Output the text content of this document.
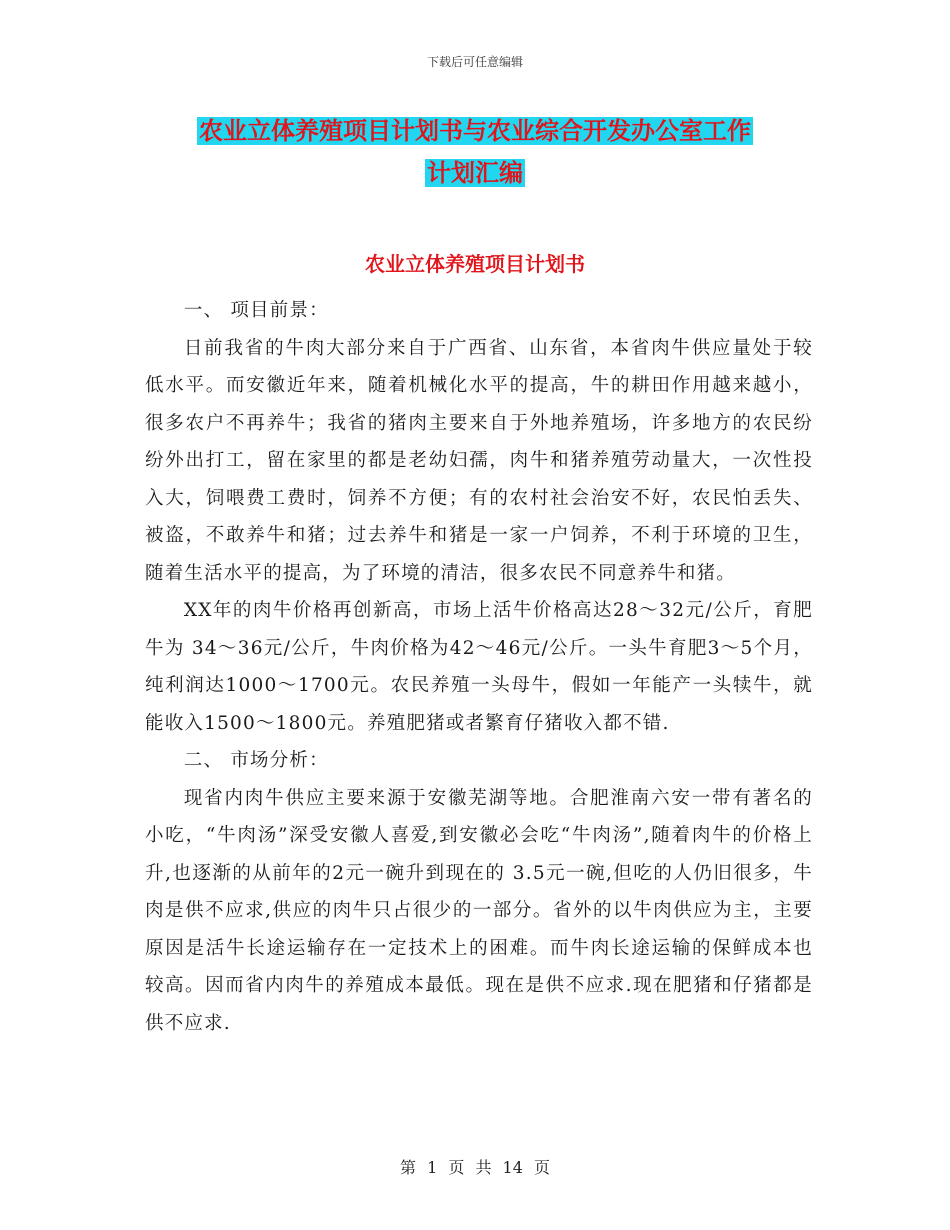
下载后可任意编辑
农业立体养殖项目计划书与农业综合开发办公室工作
计划汇编
农业立体养殖项目计划书

一、 项目前景：

日前我省的牛肉大部分来自于广西省、山东省，本省肉牛供应量处于较低水平。而安徽近年来，随着机械化水平的提高，牛的耕田作用越来越小，很多农户不再养牛；我省的猪肉主要来自于外地养殖场，许多地方的农民纷纷外出打工，留在家里的都是老幼妇孺，肉牛和猪养殖劳动量大，一次性投入大，饲喂费工费时，饲养不方便；有的农村社会治安不好，农民怕丢失、被盗，不敢养牛和猪；过去养牛和猪是一家一户饲养，不利于环境的卫生，随着生活水平的提高，为了环境的清洁，很多农民不同意养牛和猪。

XX年的肉牛价格再创新高，市场上活牛价格高达28～32元/公斤，育肥牛为 34～36元/公斤，牛肉价格为42～46元/公斤。一头牛育肥3～5个月，纯利润达1000～1700元。农民养殖一头母牛，假如一年能产一头犊牛，就能收入1500～1800元。养殖肥猪或者繁育仔猪收入都不错.

二、 市场分析：

现省内肉牛供应主要来源于安徽芜湖等地。合肥淮南六安一带有著名的小吃，“牛肉汤”深受安徽人喜爱,到安徽必会吃“牛肉汤”,随着肉牛的价格上升,也逐渐的从前年的2元一碗升到现在的 3.5元一碗,但吃的人仍旧很多，牛肉是供不应求,供应的肉牛只占很少的一部分。省外的以牛肉供应为主，主要原因是活牛长途运输存在一定技术上的困难。而牛肉长途运输的保鲜成本也较高。因而省内肉牛的养殖成本最低。现在是供不应求.现在肥猪和仔猪都是供不应求.

第 1 页 共 14 页
